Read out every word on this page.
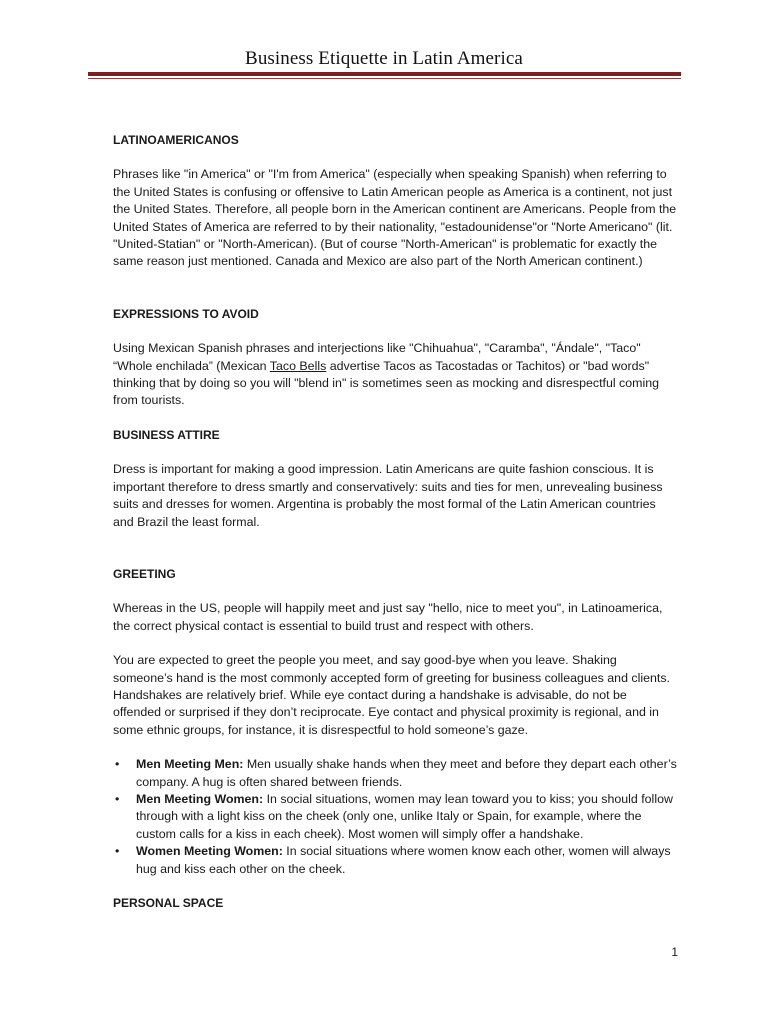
Business Etiquette in Latin America

LATINOAMERICANOS

Phrases like "in America" or "I'm from America" (especially when speaking Spanish) when referring to the United States is confusing or offensive to Latin American people as America is a continent, not just the United States. Therefore, all people born in the American continent are Americans. People from the United States of America are referred to by their nationality, "estadounidense"or "Norte Americano" (lit. "United-Statian" or "North-American). (But of course "North-American" is problematic for exactly the same reason just mentioned. Canada and Mexico are also part of the North American continent.)

EXPRESSIONS TO AVOID

Using Mexican Spanish phrases and interjections like "Chihuahua", "Caramba", "Ándale", "Taco" “Whole enchilada” (Mexican Taco Bells advertise Tacos as Tacostadas or Tachitos) or "bad words" thinking that by doing so you will "blend in" is sometimes seen as mocking and disrespectful coming from tourists.

BUSINESS ATTIRE

Dress is important for making a good impression. Latin Americans are quite fashion conscious. It is important therefore to dress smartly and conservatively: suits and ties for men, unrevealing business suits and dresses for women. Argentina is probably the most formal of the Latin American countries and Brazil the least formal.

GREETING

Whereas in the US, people will happily meet and just say "hello, nice to meet you", in Latinoamerica, the correct physical contact is essential to build trust and respect with others.

You are expected to greet the people you meet, and say good-bye when you leave. Shaking someone’s hand is the most commonly accepted form of greeting for business colleagues and clients. Handshakes are relatively brief. While eye contact during a handshake is advisable, do not be offended or surprised if they don’t reciprocate. Eye contact and physical proximity is regional, and in some ethnic groups, for instance, it is disrespectful to hold someone’s gaze.

• Men Meeting Men: Men usually shake hands when they meet and before they depart each other’s company. A hug is often shared between friends.
• Men Meeting Women: In social situations, women may lean toward you to kiss; you should follow through with a light kiss on the cheek (only one, unlike Italy or Spain, for example, where the custom calls for a kiss in each cheek). Most women will simply offer a handshake.
• Women Meeting Women: In social situations where women know each other, women will always hug and kiss each other on the cheek.

PERSONAL SPACE

1
